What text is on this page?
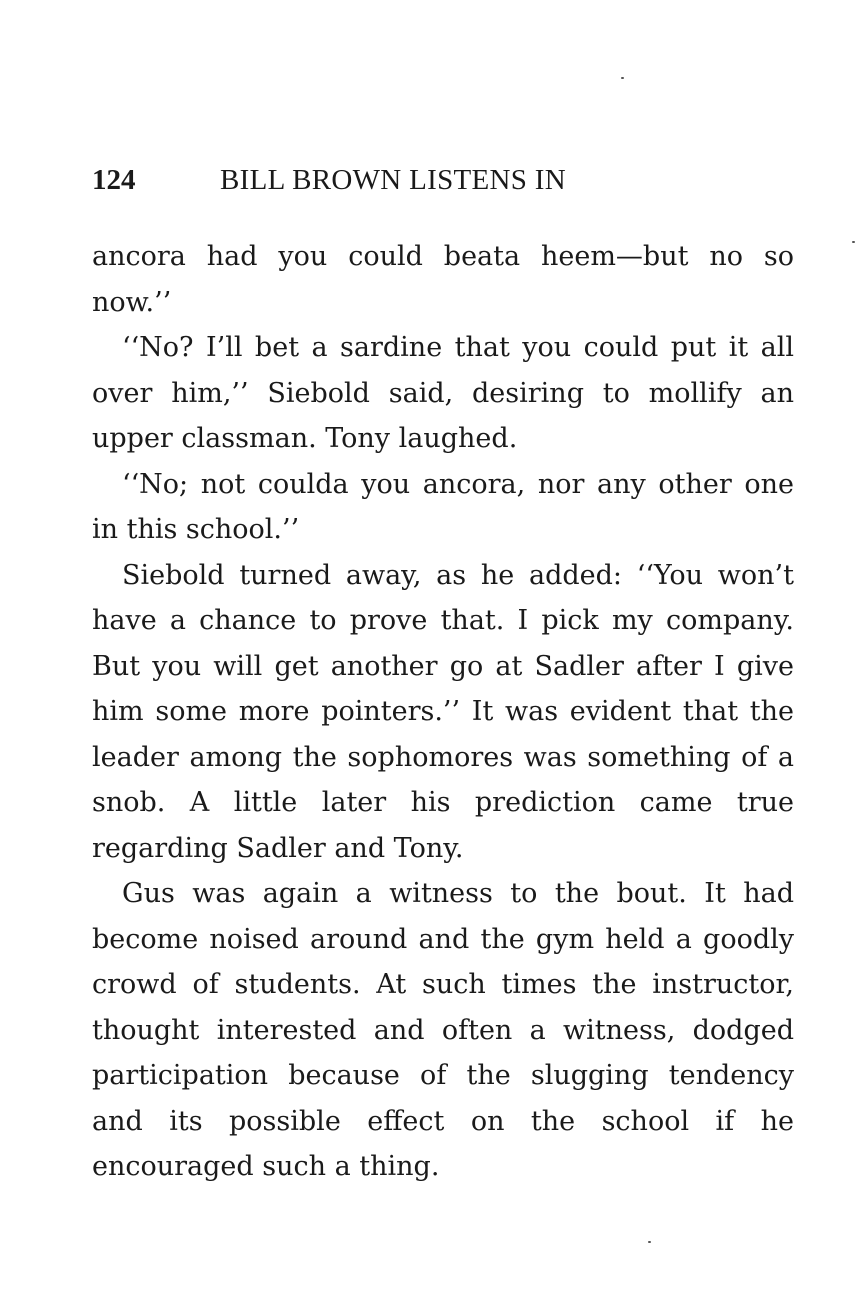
124	BILL BROWN LISTENS IN

ancora had you could beata heem—but no so now.’’

‘‘No? I’ll bet a sardine that you could put it all over him,’’ Siebold said, desiring to mollify an upper classman. Tony laughed.

‘‘No; not coulda you ancora, nor any other one in this school.’’

Siebold turned away, as he added: ‘‘You won’t have a chance to prove that. I pick my company. But you will get another go at Sadler after I give him some more pointers.’’ It was evident that the leader among the sophomores was something of a snob. A little later his prediction came true regarding Sadler and Tony.

Gus was again a witness to the bout. It had become noised around and the gym held a goodly crowd of students. At such times the instructor, thought interested and often a witness, dodged participation because of the slugging tendency and its possible effect on the school if he encouraged such a thing.
